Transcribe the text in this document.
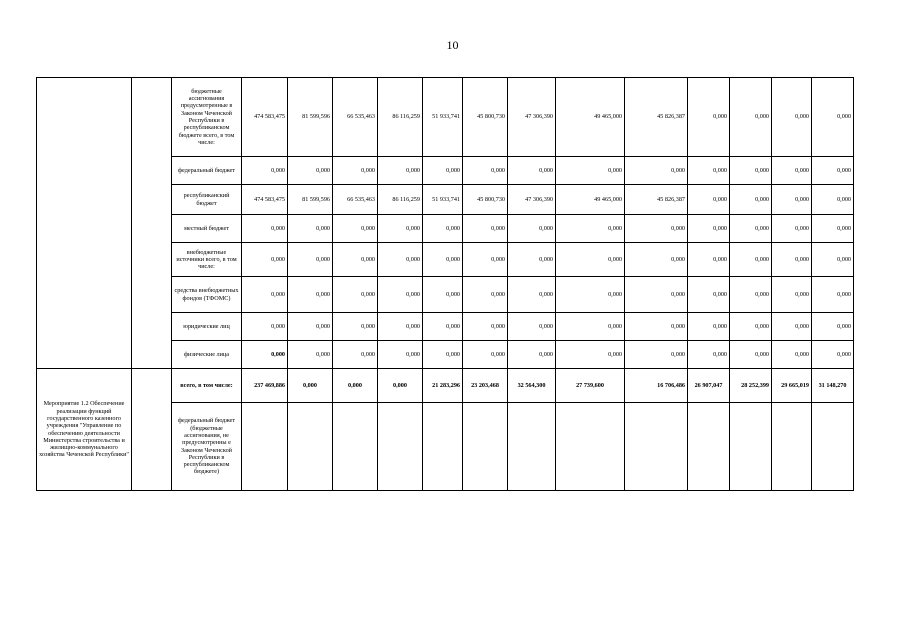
10
		бюджетные ассигнования предусмотренные в Законом Чеченской Республики в республиканском бюджете всего, в том числе:	474 583,475	81 599,596	66 535,463	86 116,259	51 933,741	45 800,730	47 306,390	49 465,000	45 826,387	0,000	0,000	0,000	0,000
		федеральный бюджет	0,000	0,000	0,000	0,000	0,000	0,000	0,000	0,000	0,000	0,000	0,000	0,000	0,000
		республиканский бюджет	474 583,475	81 599,596	66 535,463	86 116,259	51 933,741	45 800,730	47 306,390	49 465,000	45 826,387	0,000	0,000	0,000	0,000
		местный бюджет	0,000	0,000	0,000	0,000	0,000	0,000	0,000	0,000	0,000	0,000	0,000	0,000	0,000
		внебюджетные источники всего, в том числе:	0,000	0,000	0,000	0,000	0,000	0,000	0,000	0,000	0,000	0,000	0,000	0,000	0,000
		средства внебюджетных фондов (ТФОМС)	0,000	0,000	0,000	0,000	0,000	0,000	0,000	0,000	0,000	0,000	0,000	0,000	0,000
		юридические лиц	0,000	0,000	0,000	0,000	0,000	0,000	0,000	0,000	0,000	0,000	0,000	0,000	0,000
		физические лица	0,000	0,000	0,000	0,000	0,000	0,000	0,000	0,000	0,000	0,000	0,000	0,000	0,000
Мероприятие 1.2 Обеспечение реализации функций государственного казенного учреждения "Управление по обеспечению деятельности Министерства строительства и жилищно-коммунального хозяйства Чеченской Республики"		всего, в том числе:	237 469,886	0,000	0,000	0,000	21 283,296	23 203,468	32 564,300	27 739,600	16 706,486	26 907,047	28 252,399	29 665,019	31 148,270
		федеральный бюджет (бюджетные ассигнования, не предусмотренны е Законом Чеченской Республики в республиканском бюджете)													
